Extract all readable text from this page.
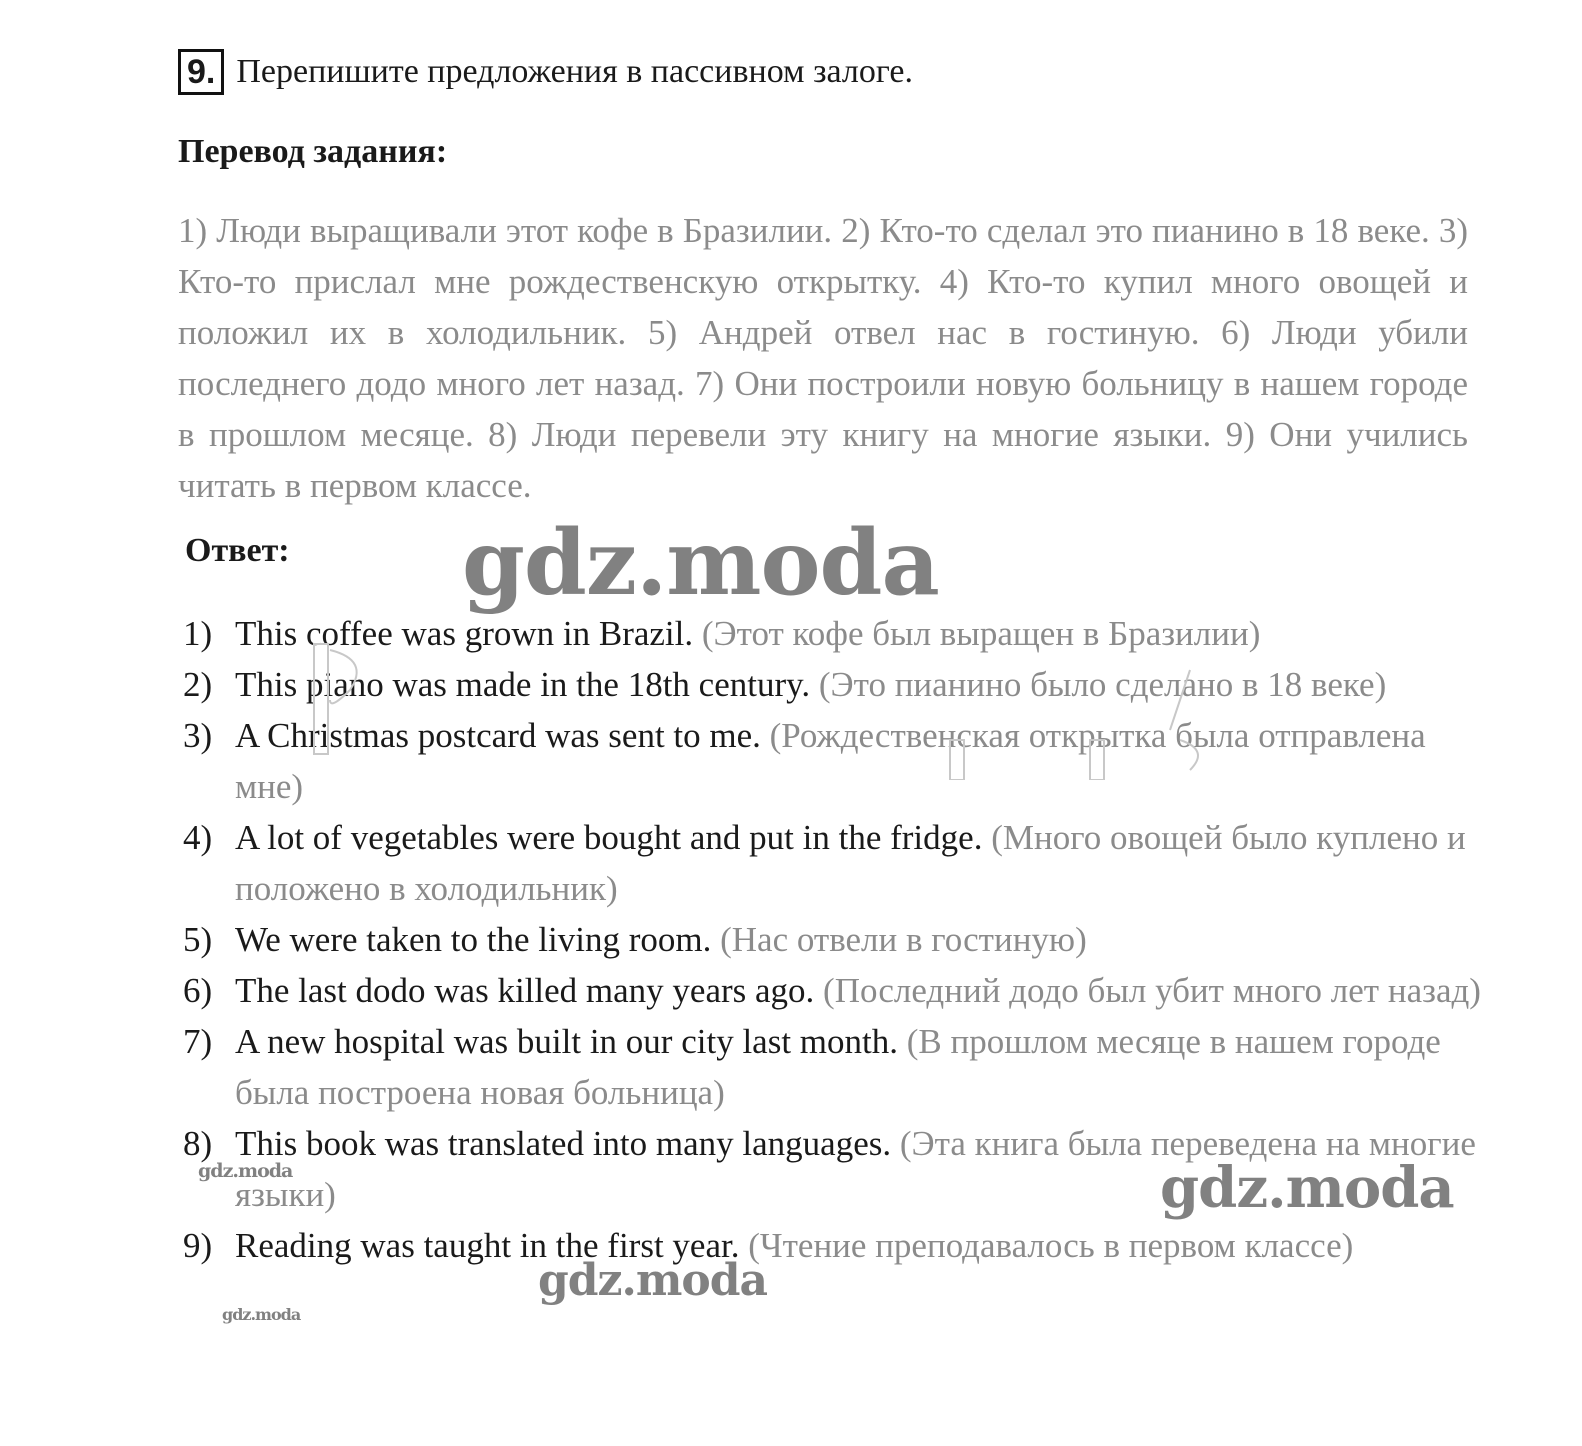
9. Перепишите предложения в пассивном залоге.
Перевод задания:
1) Люди выращивали этот кофе в Бразилии. 2) Кто-то сделал это пианино в 18 веке. 3) Кто-то прислал мне рождественскую открытку. 4) Кто-то купил много овощей и положил их в холодильник. 5) Андрей отвел нас в гостиную. 6) Люди убили последнего додо много лет назад. 7) Они построили новую больницу в нашем городе в прошлом месяце. 8) Люди перевели эту книгу на многие языки. 9) Они учились читать в первом классе.
Ответ:
1) This coffee was grown in Brazil. (Этот кофе был выращен в Бразилии)
2) This piano was made in the 18th century. (Это пианино было сделано в 18 веке)
3) A Christmas postcard was sent to me. (Рождественская открытка была отправлена мне)
4) A lot of vegetables were bought and put in the fridge. (Много овощей было куплено и положено в холодильник)
5) We were taken to the living room. (Нас отвели в гостиную)
6) The last dodo was killed many years ago. (Последний додо был убит много лет назад)
7) A new hospital was built in our city last month. (В прошлом месяце в нашем городе была построена новая больница)
8) This book was translated into many languages. (Эта книга была переведена на многие языки)
9) Reading was taught in the first year. (Чтение преподавалось в первом классе)
gdz.moda
gdz.moda
gdz.moda
gdz.moda
gdz.moda
